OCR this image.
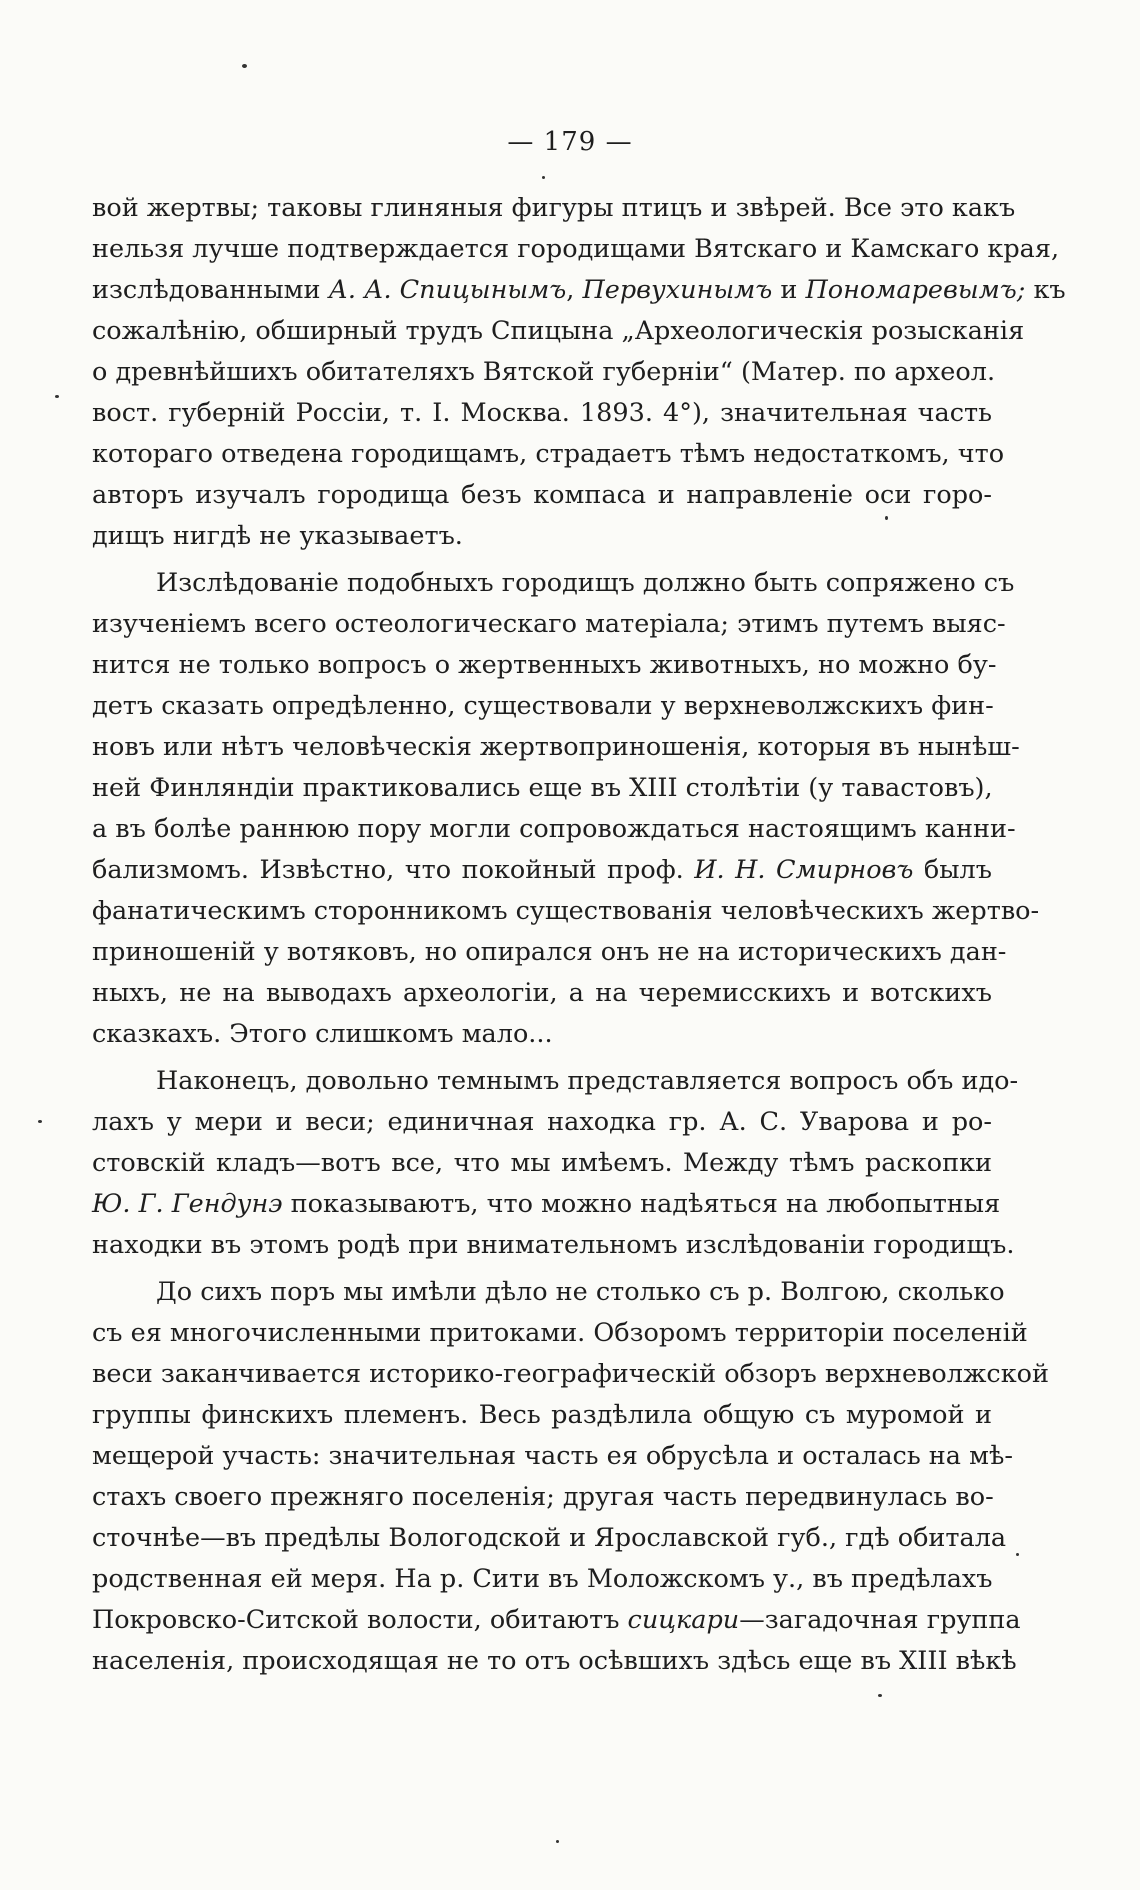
— 179 —
вой жертвы; таковы глиняныя фигуры птицъ и звѣрей. Все это какъ
нельзя лучше подтверждается городищами Вятскаго и Камскаго края,
изслѣдованными А. А. Спицынымъ, Первухинымъ и Пономаревымъ; къ
сожалѣнію, обширный трудъ Спицына „Археологическія розысканія
о древнѣйшихъ обитателяхъ Вятской губерніи“ (Матер. по археол.
вост. губерній Россіи, т. I. Москва. 1893. 4°), значительная часть
котораго отведена городищамъ, страдаетъ тѣмъ недостаткомъ, что
авторъ изучалъ городища безъ компаса и направленіе оси горо-
дищъ нигдѣ не указываетъ.
Изслѣдованіе подобныхъ городищъ должно быть сопряжено съ
изученіемъ всего остеологическаго матеріала; этимъ путемъ выяс-
нится не только вопросъ о жертвенныхъ животныхъ, но можно бу-
детъ сказать опредѣленно, существовали у верхневолжскихъ фин-
новъ или нѣтъ человѣческія жертвоприношенія, которыя въ нынѣш-
ней Финляндіи практиковались еще въ XIII столѣтіи (у тавастовъ),
а въ болѣе раннюю пору могли сопровождаться настоящимъ канни-
бализмомъ. Извѣстно, что покойный проф. И. Н. Смирновъ былъ
фанатическимъ сторонникомъ существованія человѣческихъ жертво-
приношеній у вотяковъ, но опирался онъ не на историческихъ дан-
ныхъ, не на выводахъ археологіи, а на черемисскихъ и вотскихъ
сказкахъ. Этого слишкомъ мало...
Наконецъ, довольно темнымъ представляется вопросъ объ идо-
лахъ у мери и веси; единичная находка гр. А. С. Уварова и ро-
стовскій кладъ—вотъ все, что мы имѣемъ. Между тѣмъ раскопки
Ю. Г. Гендунэ показываютъ, что можно надѣяться на любопытныя
находки въ этомъ родѣ при внимательномъ изслѣдованіи городищъ.
До сихъ поръ мы имѣли дѣло не столько съ р. Волгою, сколько
съ ея многочисленными притоками. Обзоромъ территоріи поселеній
веси заканчивается историко-географическій обзоръ верхневолжской
группы финскихъ племенъ. Весь раздѣлила общую съ муромой и
мещерой участь: значительная часть ея обрусѣла и осталась на мѣ-
стахъ своего прежняго поселенія; другая часть передвинулась во-
сточнѣе—въ предѣлы Вологодской и Ярославской губ., гдѣ обитала
родственная ей меря. На р. Сити въ Моложскомъ у., въ предѣлахъ
Покровско-Ситской волости, обитаютъ сицкари—загадочная группа
населенія, происходящая не то отъ осѣвшихъ здѣсь еще въ XIII вѣкѣ
